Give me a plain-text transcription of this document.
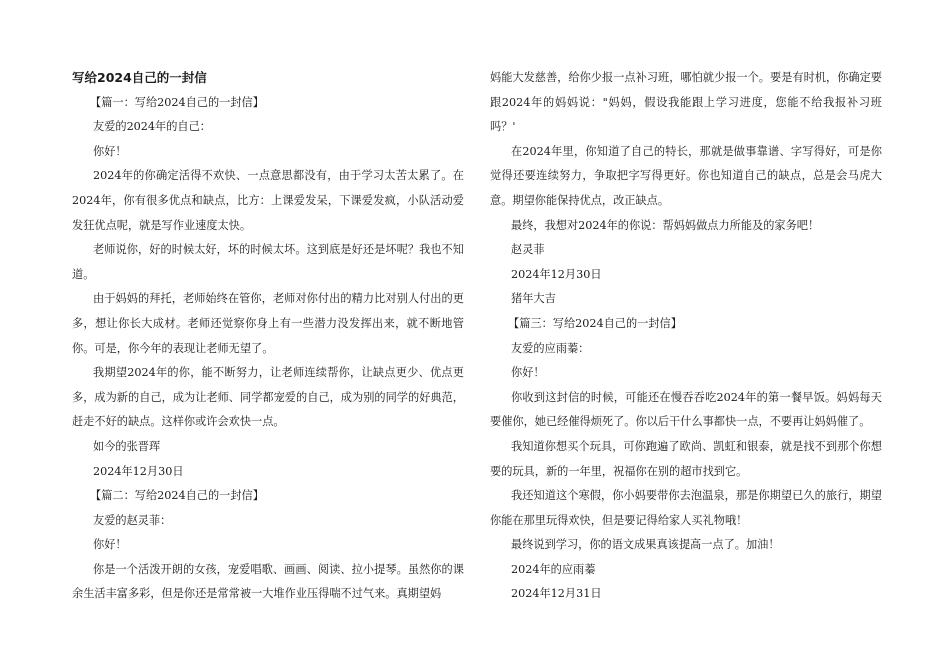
写给2024自己的一封信

【篇一：写给2024自己的一封信】

友爱的2024年的自己：

你好！

2024年的你确定活得不欢快、一点意思都没有，由于学习太苦太累了。在2024年，你有很多优点和缺点，比方：上课爱发呆，下课爱发疯，小队活动爱发狂优点呢，就是写作业速度太快。

老师说你，好的时候太好，坏的时候太坏。这到底是好还是坏呢？我也不知道。

由于妈妈的拜托，老师始终在管你，老师对你付出的精力比对别人付出的更多，想让你长大成材。老师还觉察你身上有一些潜力没发挥出来，就不断地管你。可是，你今年的表现让老师无望了。

我期望2024年的你，能不断努力，让老师连续帮你，让缺点更少、优点更多，成为新的自己，成为让老师、同学都宠爱的自己，成为别的同学的好典范，赶走不好的缺点。这样你或许会欢快一点。

如今的张晋珲

2024年12月30日

【篇二：写给2024自己的一封信】

友爱的赵灵菲：

你好！

你是一个活泼开朗的女孩，宠爱唱歌、画画、阅读、拉小提琴。虽然你的课余生活丰富多彩，但是你还是常常被一大堆作业压得喘不过气来。真期望妈

妈能大发慈善，给你少报一点补习班，哪怕就少报一个。要是有时机，你确定要跟2024年的妈妈说："妈妈，假设我能跟上学习进度，您能不给我报补习班吗？'

在2024年里，你知道了自己的特长，那就是做事靠谱、字写得好，可是你觉得还要连续努力，争取把字写得更好。你也知道自己的缺点，总是会马虎大意。期望你能保持优点，改正缺点。

最终，我想对2024年的你说：帮妈妈做点力所能及的家务吧！

赵灵菲

2024年12月30日

猪年大吉

【篇三：写给2024自己的一封信】

友爱的应雨蓁：

你好！

你收到这封信的时候，可能还在慢吞吞吃2024年的第一餐早饭。妈妈每天要催你，她已经催得烦死了。你以后干什么事都快一点，不要再让妈妈催了。

我知道你想买个玩具，可你跑遍了欧尚、凯虹和银泰，就是找不到那个你想要的玩具，新的一年里，祝福你在别的超市找到它。

我还知道这个寒假，你小妈要带你去泡温泉，那是你期望已久的旅行，期望你能在那里玩得欢快，但是要记得给家人买礼物哦！

最终说到学习，你的语文成果真该提高一点了。加油！

2024年的应雨蓁

2024年12月31日
